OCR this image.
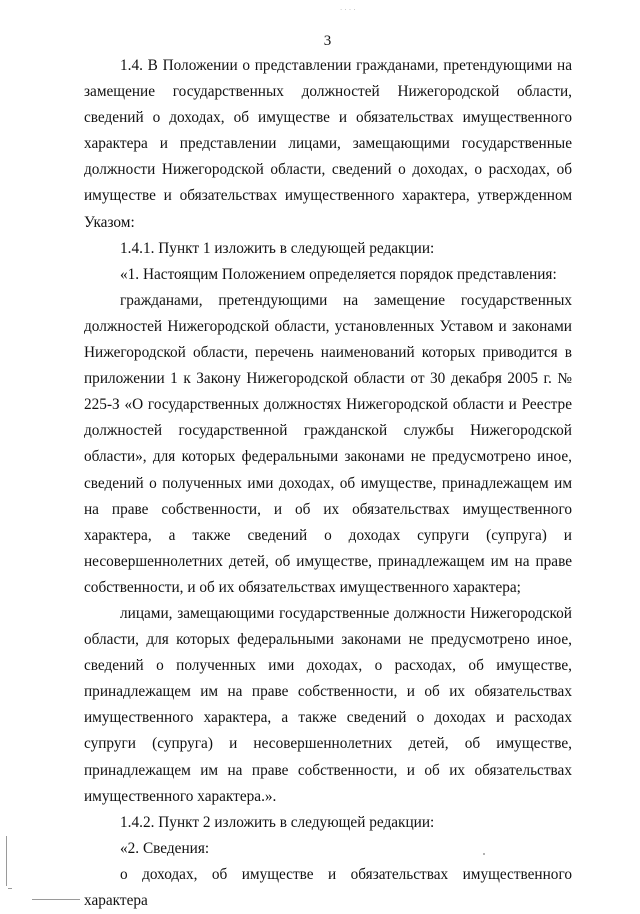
· · · ·
3

1.4. В Положении о представлении гражданами, претендующими на замещение государственных должностей Нижегородской области, сведений о доходах, об имуществе и обязательствах имущественного характера и представлении лицами, замещающими государственные должности Нижегородской области, сведений о доходах, о расходах, об имуществе и обязательствах имущественного характера, утвержденном Указом:

1.4.1. Пункт 1 изложить в следующей редакции:

«1. Настоящим Положением определяется порядок представления:

гражданами, претендующими на замещение государственных должностей Нижегородской области, установленных Уставом и законами Нижегородской области, перечень наименований которых приводится в приложении 1 к Закону Нижегородской области от 30 декабря 2005 г. № 225-З «О государственных должностях Нижегородской области и Реестре должностей государственной гражданской службы Нижегородской области», для которых федеральными законами не предусмотрено иное, сведений о полученных ими доходах, об имуществе, принадлежащем им на праве собственности, и об их обязательствах имущественного характера, а также сведений о доходах супруги (супруга) и несовершеннолетних детей, об имуществе, принадлежащем им на праве собственности, и об их обязательствах имущественного характера;

лицами, замещающими государственные должности Нижегородской области, для которых федеральными законами не предусмотрено иное, сведений о полученных ими доходах, о расходах, об имуществе, принадлежащем им на праве собственности, и об их обязательствах имущественного характера, а также сведений о доходах и расходах супруги (супруга) и несовершеннолетних детей, об имуществе, принадлежащем им на праве собственности, и об их обязательствах имущественного характера.».

1.4.2. Пункт 2 изложить в следующей редакции:

«2. Сведения:

о доходах, об имуществе и обязательствах имущественного характера
